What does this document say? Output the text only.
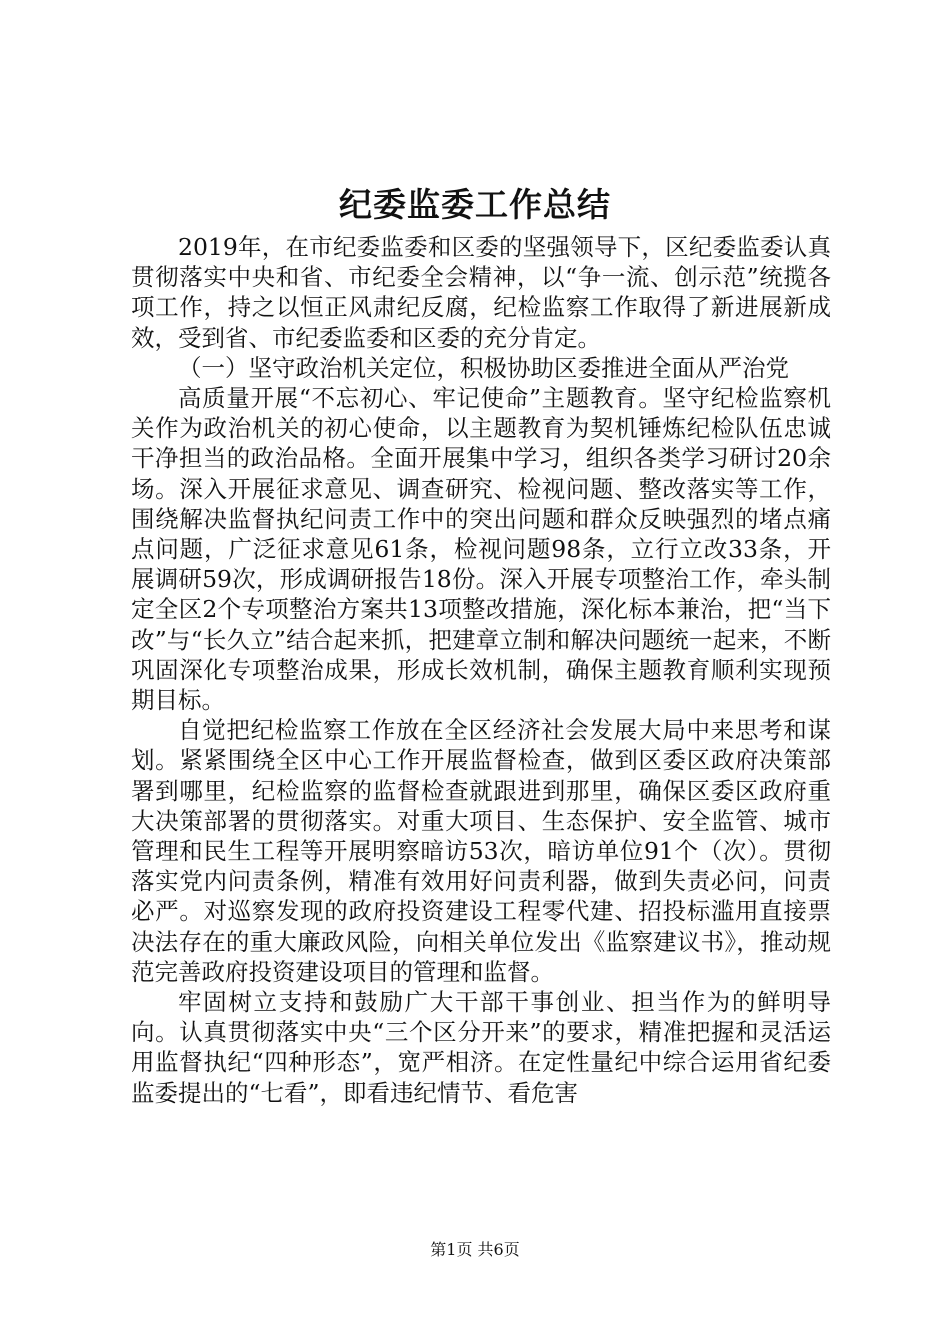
纪委监委工作总结

2019年，在市纪委监委和区委的坚强领导下，区纪委监委认真贯彻落实中央和省、市纪委全会精神，以“争一流、创示范”统揽各项工作，持之以恒正风肃纪反腐，纪检监察工作取得了新进展新成效，受到省、市纪委监委和区委的充分肯定。

（一）坚守政治机关定位，积极协助区委推进全面从严治党

高质量开展“不忘初心、牢记使命”主题教育。坚守纪检监察机关作为政治机关的初心使命，以主题教育为契机锤炼纪检队伍忠诚干净担当的政治品格。全面开展集中学习，组织各类学习研讨20余场。深入开展征求意见、调查研究、检视问题、整改落实等工作，围绕解决监督执纪问责工作中的突出问题和群众反映强烈的堵点痛点问题，广泛征求意见61条，检视问题98条，立行立改33条，开展调研59次，形成调研报告18份。深入开展专项整治工作，牵头制定全区2个专项整治方案共13项整改措施，深化标本兼治，把“当下改”与“长久立”结合起来抓，把建章立制和解决问题统一起来，不断巩固深化专项整治成果，形成长效机制，确保主题教育顺利实现预期目标。

自觉把纪检监察工作放在全区经济社会发展大局中来思考和谋划。紧紧围绕全区中心工作开展监督检查，做到区委区政府决策部署到哪里，纪检监察的监督检查就跟进到那里，确保区委区政府重大决策部署的贯彻落实。对重大项目、生态保护、安全监管、城市管理和民生工程等开展明察暗访53次，暗访单位91个（次）。贯彻落实党内问责条例，精准有效用好问责利器，做到失责必问，问责必严。对巡察发现的政府投资建设工程零代建、招投标滥用直接票决法存在的重大廉政风险，向相关单位发出《监察建议书》，推动规范完善政府投资建设项目的管理和监督。

牢固树立支持和鼓励广大干部干事创业、担当作为的鲜明导向。认真贯彻落实中央“三个区分开来”的要求，精准把握和灵活运用监督执纪“四种形态”，宽严相济。在定性量纪中综合运用省纪委监委提出的“七看”，即看违纪情节、看危害

第1页 共6页
